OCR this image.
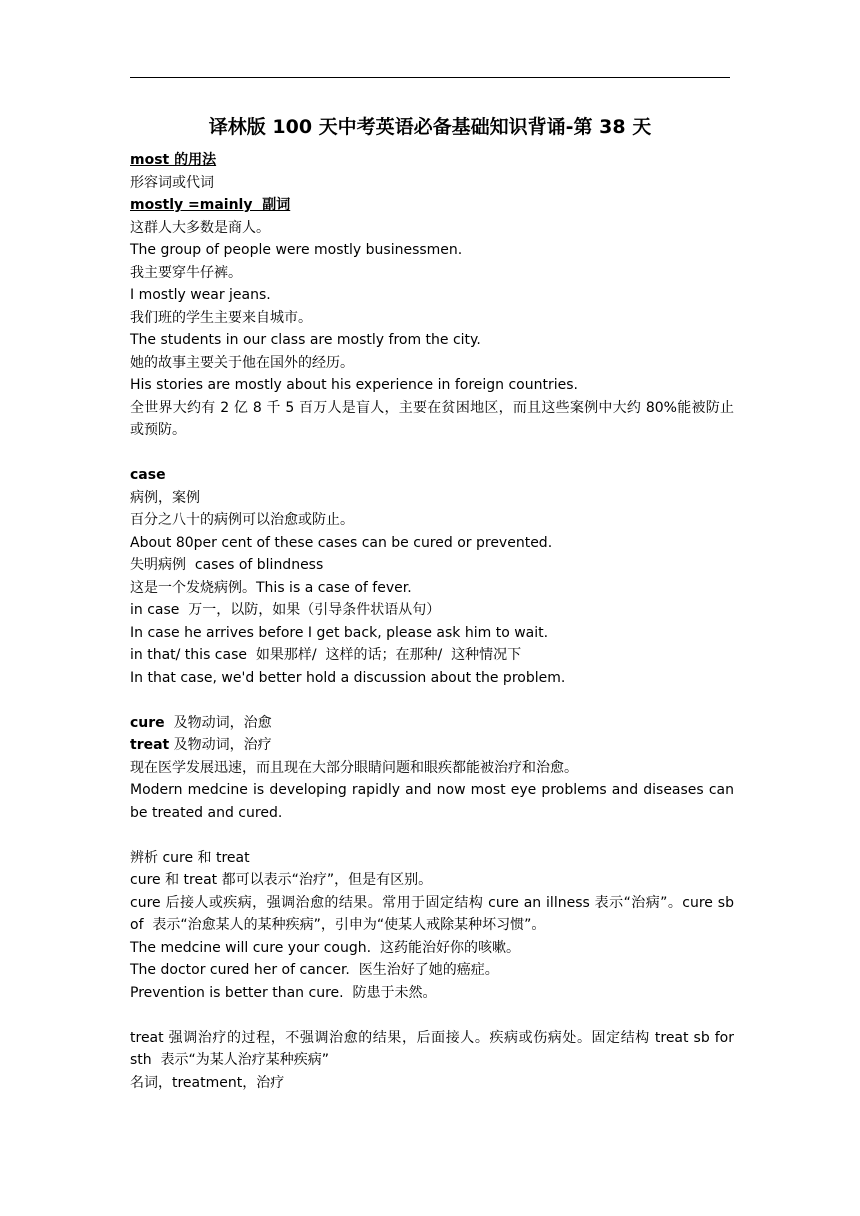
译林版 100 天中考英语必备基础知识背诵-第 38 天
most 的用法
形容词或代词
mostly =mainly  副词
这群人大多数是商人。
The group of people were mostly businessmen.
我主要穿牛仔裤。
I mostly wear jeans.
我们班的学生主要来自城市。
The students in our class are mostly from the city.
她的故事主要关于他在国外的经历。
His stories are mostly about his experience in foreign countries.
全世界大约有 2 亿 8 千 5 百万人是盲人，主要在贫困地区，而且这些案例中大约 80%能被防止或预防。
case
病例，案例
百分之八十的病例可以治愈或防止。
About 80per cent of these cases can be cured or prevented.
失明病例  cases of blindness
这是一个发烧病例。This is a case of fever.
in case  万一，以防，如果（引导条件状语从句）
In case he arrives before I get back, please ask him to wait.
in that/ this case  如果那样/  这样的话；在那种/  这种情况下
In that case, we'd better hold a discussion about the problem.
cure  及物动词，治愈
treat 及物动词，治疗
现在医学发展迅速，而且现在大部分眼睛问题和眼疾都能被治疗和治愈。
Modern medcine is developing rapidly and now most eye problems and diseases can be treated and cured.
辨析 cure 和 treat
cure 和 treat 都可以表示“治疗”，但是有区别。
cure 后接人或疾病，强调治愈的结果。常用于固定结构 cure an illness 表示“治病”。cure sb of  表示“治愈某人的某种疾病”，引申为“使某人戒除某种坏习惯”。
The medcine will cure your cough.  这药能治好你的咳嗽。
The doctor cured her of cancer.  医生治好了她的癌症。
Prevention is better than cure.  防患于未然。
treat 强调治疗的过程，不强调治愈的结果，后面接人。疾病或伤病处。固定结构 treat sb for sth  表示“为某人治疗某种疾病”
名词，treatment，治疗
